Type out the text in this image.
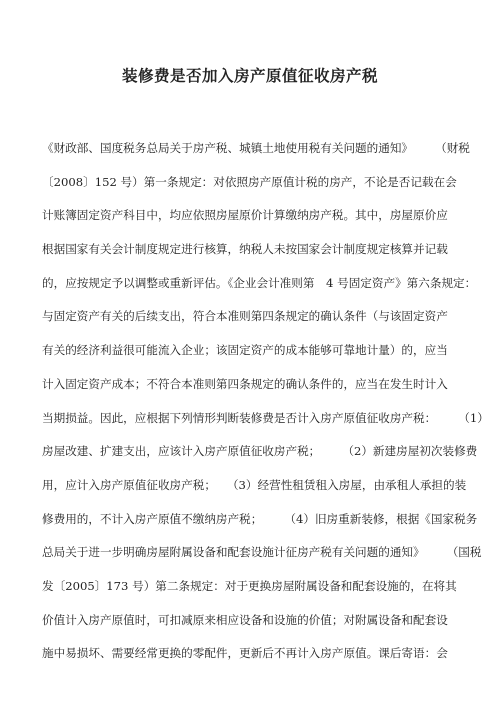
装修费是否加入房产原值征收房产税
《财政部、国度税务总局关于房产税、城镇土地使用税有关问题的通知》      （财税
〔2008〕152 号）第一条规定：对依照房产原值计税的房产，不论是否记载在会
计账簿固定资产科目中，均应依照房屋原价计算缴纳房产税。其中，房屋原价应
根据国家有关会计制度规定进行核算，纳税人未按国家会计制度规定核算并记载
的，应按规定予以调整或重新评估。《企业会计准则第　4 号固定资产》第六条规定：
与固定资产有关的后续支出，符合本准则第四条规定的确认条件（与该固定资产
有关的经济利益很可能流入企业；该固定资产的成本能够可靠地计量）的，应当
计入固定资产成本；不符合本准则第四条规定的确认条件的，应当在发生时计入
当期损益。因此，应根据下列情形判断装修费是否计入房产原值征收房产税：      （1）
房屋改建、扩建支出，应该计入房产原值征收房产税；      （2）新建房屋初次装修费
用，应计入房产原值征收房产税；   （3）经营性租赁租入房屋，由承租人承担的装
修费用的，不计入房产原值不缴纳房产税；      （4）旧房重新装修，根据《国家税务
总局关于进一步明确房屋附属设备和配套设施计征房产税有关问题的通知》      （国税
发〔2005〕173 号）第二条规定：对于更换房屋附属设备和配套设施的，在将其
价值计入房产原值时，可扣减原来相应设备和设施的价值；对附属设备和配套设
施中易损坏、需要经常更换的零配件，更新后不再计入房产原值。课后寄语：会
